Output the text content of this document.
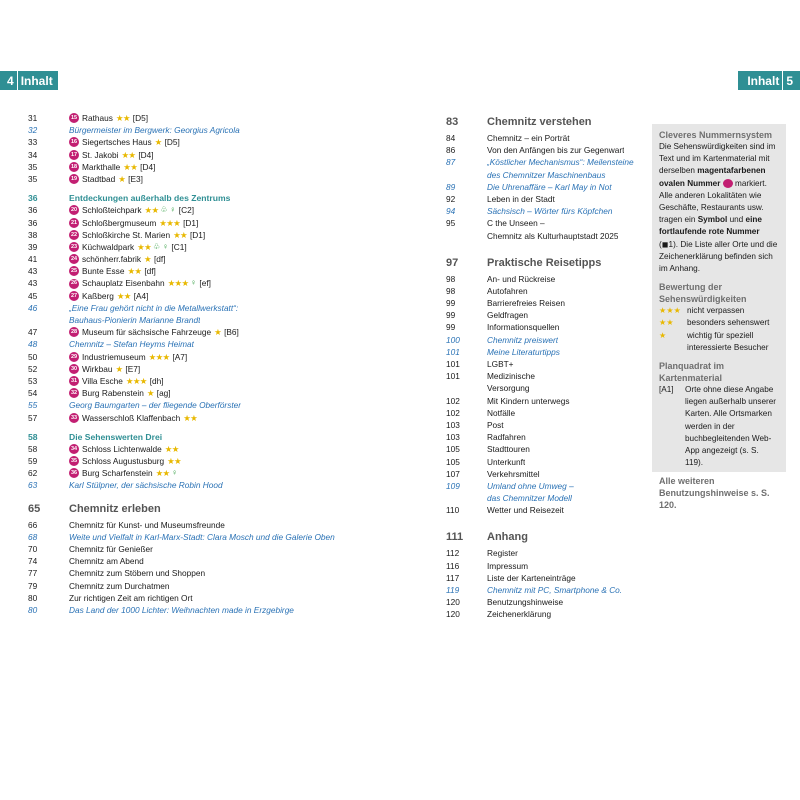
4 Inhalt	Inhalt 5
31	15 Rathaus ★★ [D5]
32	Bürgermeister im Bergwerk: Georgius Agricola
33	16 Siegertsches Haus ★ [D5]
34	17 St. Jakobi ★★ [D4]
35	18 Markthalle ★★ [D4]
35	19 Stadtbad ★ [E3]
36	Entdeckungen außerhalb des Zentrums
36	20 Schloßteichpark ★★ ♧ ♀ [C2]
36	21 Schloßbergmuseum ★★★ [D1]
38	22 Schloßkirche St. Marien ★★ [D1]
39	23 Küchwaldpark ★★ ♧ ♀ [C1]
41	24 schönherr.fabrik ★ [df]
43	25 Bunte Esse ★★ [df]
43	26 Schauplatz Eisenbahn ★★★ ♀ [ef]
45	27 Kaßberg ★★ [A4]
46	„Eine Frau gehört nicht in die Metallwerkstatt“:
Bauhaus-Pionierin Marianne Brandt
47	28 Museum für sächsische Fahrzeuge ★ [B6]
48	Chemnitz – Stefan Heyms Heimat
50	29 Industriemuseum ★★★ [A7]
52	30 Wirkbau ★ [E7]
53	31 Villa Esche ★★★ [dh]
54	32 Burg Rabenstein ★ [ag]
55	Georg Baumgarten – der fliegende Oberförster
57	33 Wasserschloß Klaffenbach ★★
58	Die Sehenswerten Drei
58	34 Schloss Lichtenwalde ★★
59	35 Schloss Augustusburg ★★
62	36 Burg Scharfenstein ★★ ♀
63	Karl Stülpner, der sächsische Robin Hood
65	Chemnitz erleben
66	Chemnitz für Kunst- und Museumsfreunde
68	Weite und Vielfalt in Karl-Marx-Stadt: Clara Mosch und die Galerie Oben
70	Chemnitz für Genießer
74	Chemnitz am Abend
77	Chemnitz zum Stöbern und Shoppen
79	Chemnitz zum Durchatmen
80	Zur richtigen Zeit am richtigen Ort
80	Das Land der 1000 Lichter: Weihnachten made in Erzgebirge
83	Chemnitz verstehen
84	Chemnitz – ein Porträt
86	Von den Anfängen bis zur Gegenwart
87	„Köstlicher Mechanismus“: Meilensteine
des Chemnitzer Maschinenbaus
89	Die Uhrenaffäre – Karl May in Not
92	Leben in der Stadt
94	Sächsisch – Wörter fürs Köpfchen
95	C the Unseen –
Chemnitz als Kulturhauptstadt 2025
97	Praktische Reisetipps
98	An- und Rückreise
98	Autofahren
99	Barrierefreies Reisen
99	Geldfragen
99	Informationsquellen
100	Chemnitz preiswert
101	Meine Literaturtipps
101	LGBT+
101	Medizinische
Versorgung
102	Mit Kindern unterwegs
102	Notfälle
103	Post
103	Radfahren
105	Stadttouren
105	Unterkunft
107	Verkehrsmittel
109	Umland ohne Umweg –
das Chemnitzer Modell
110	Wetter und Reisezeit
111	Anhang
112	Register
116	Impressum
117	Liste der Karteneinträge
119	Chemnitz mit PC, Smartphone & Co.
120	Benutzungshinweise
120	Zeichenerklärung
Cleveres Nummernsystem

Die Sehenswürdigkeiten sind im Text und im Kartenmaterial mit derselben magentafarbenen ovalen Nummer markiert. Alle anderen Lokalitäten wie Geschäfte, Restaurants usw. tragen ein Symbol und eine fortlaufende rote Nummer (◼1). Die Liste aller Orte und die Zeichenerklärung befinden sich im Anhang.

Bewertung der Sehenswürdigkeiten
★★★ nicht verpassen
★★	besonders sehenswert
★	wichtig für speziell interessierte Besucher
Planquadrat im Kartenmaterial
[A1]	Orte ohne diese Angabe liegen außerhalb unserer Karten. Alle Ortsmarken werden in der buchbegleitenden Web-App angezeigt (s. S. 119).
Alle weiteren Benutzungshinweise s. S. 120.
